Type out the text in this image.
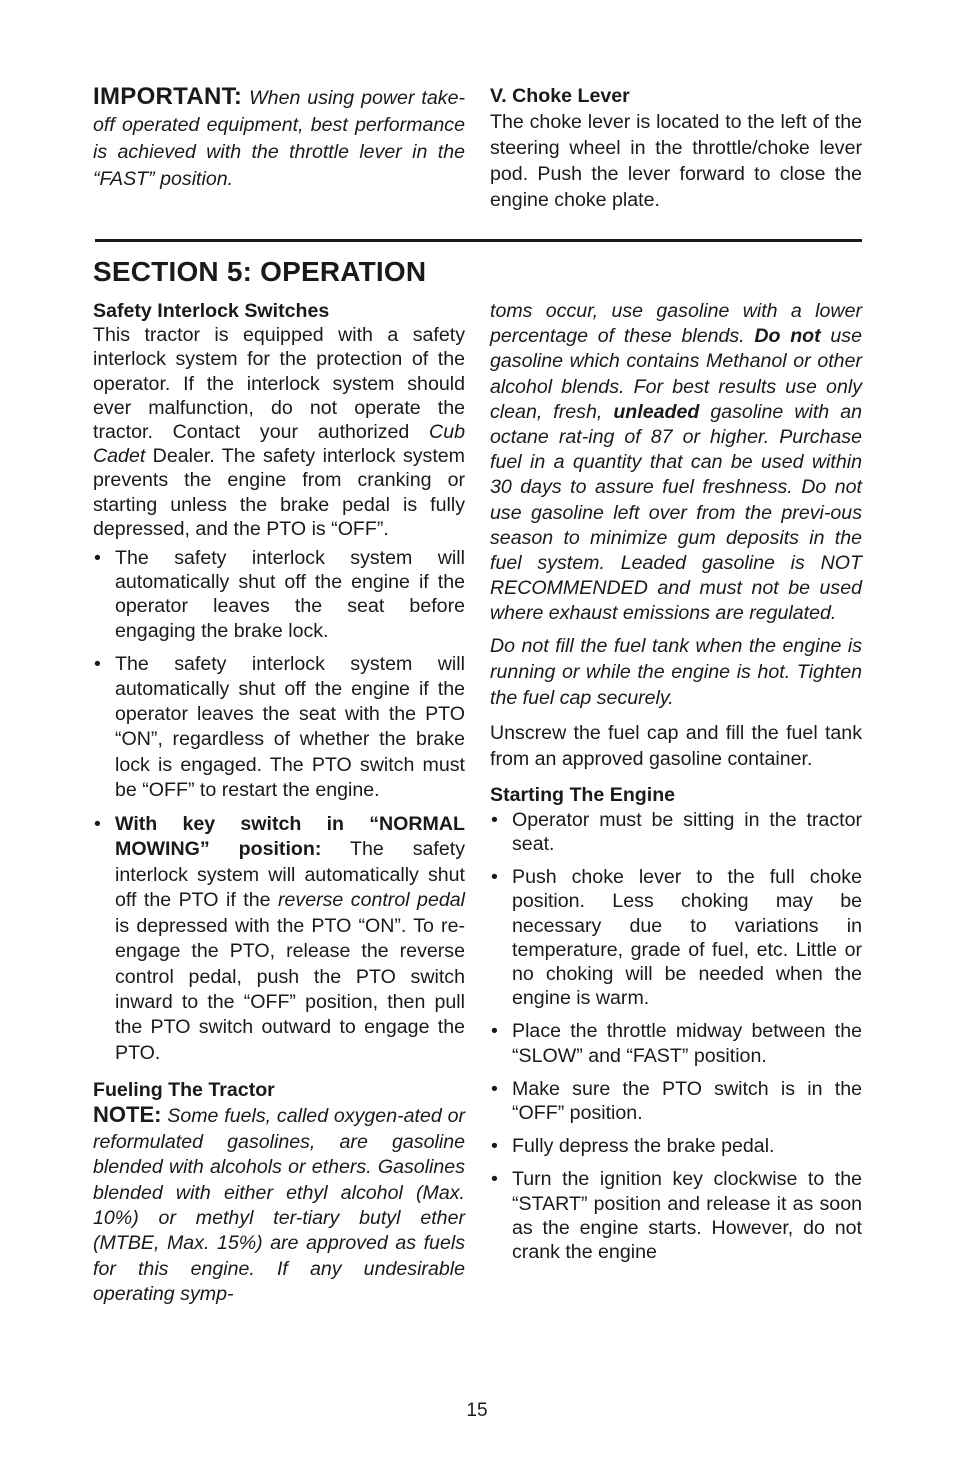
IMPORTANT: When using power take-off operated equipment, best performance is achieved with the throttle lever in the “FAST” position.

V. Choke Lever

The choke lever is located to the left of the steering wheel in the throttle/choke lever pod. Push the lever forward to close the engine choke plate.

SECTION 5: OPERATION

Safety Interlock Switches

This tractor is equipped with a safety interlock system for the protection of the operator. If the interlock system should ever malfunction, do not operate the tractor. Contact your authorized Cub Cadet Dealer. The safety interlock system prevents the engine from cranking or starting unless the brake pedal is fully depressed, and the PTO is “OFF”.

• The safety interlock system will automatically shut off the engine if the operator leaves the seat before engaging the brake lock.
• The safety interlock system will automatically shut off the engine if the operator leaves the seat with the PTO “ON”, regardless of whether the brake lock is engaged. The PTO switch must be “OFF” to restart the engine.
• With key switch in “NORMAL MOWING” position: The safety interlock system will automatically shut off the PTO if the reverse control pedal is depressed with the PTO “ON”. To re-engage the PTO, release the reverse control pedal, push the PTO switch inward to the “OFF” position, then pull the PTO switch outward to engage the PTO.

Fueling The Tractor

NOTE: Some fuels, called oxygen-ated or reformulated gasolines, are gasoline blended with alcohols or ethers. Gasolines blended with either ethyl alcohol (Max. 10%) or methyl ter-tiary butyl ether (MTBE, Max. 15%) are approved as fuels for this engine. If any undesirable operating symp-

toms occur, use gasoline with a lower percentage of these blends. Do not use gasoline which contains Methanol or other alcohol blends. For best results use only clean, fresh, unleaded gasoline with an octane rat-ing of 87 or higher. Purchase fuel in a quantity that can be used within 30 days to assure fuel freshness. Do not use gasoline left over from the previ-ous season to minimize gum deposits in the fuel system. Leaded gasoline is NOT RECOMMENDED and must not be used where exhaust emissions are regulated.

Do not fill the fuel tank when the engine is running or while the engine is hot. Tighten the fuel cap securely.

Unscrew the fuel cap and fill the fuel tank from an approved gasoline container.

Starting The Engine

• Operator must be sitting in the tractor seat.
• Push choke lever to the full choke position. Less choking may be necessary due to variations in temperature, grade of fuel, etc. Little or no choking will be needed when the engine is warm.
• Place the throttle midway between the “SLOW” and “FAST” position.
• Make sure the PTO switch is in the “OFF” position.
• Fully depress the brake pedal.
• Turn the ignition key clockwise to the “START” position and release it as soon as the engine starts. However, do not crank the engine
15
